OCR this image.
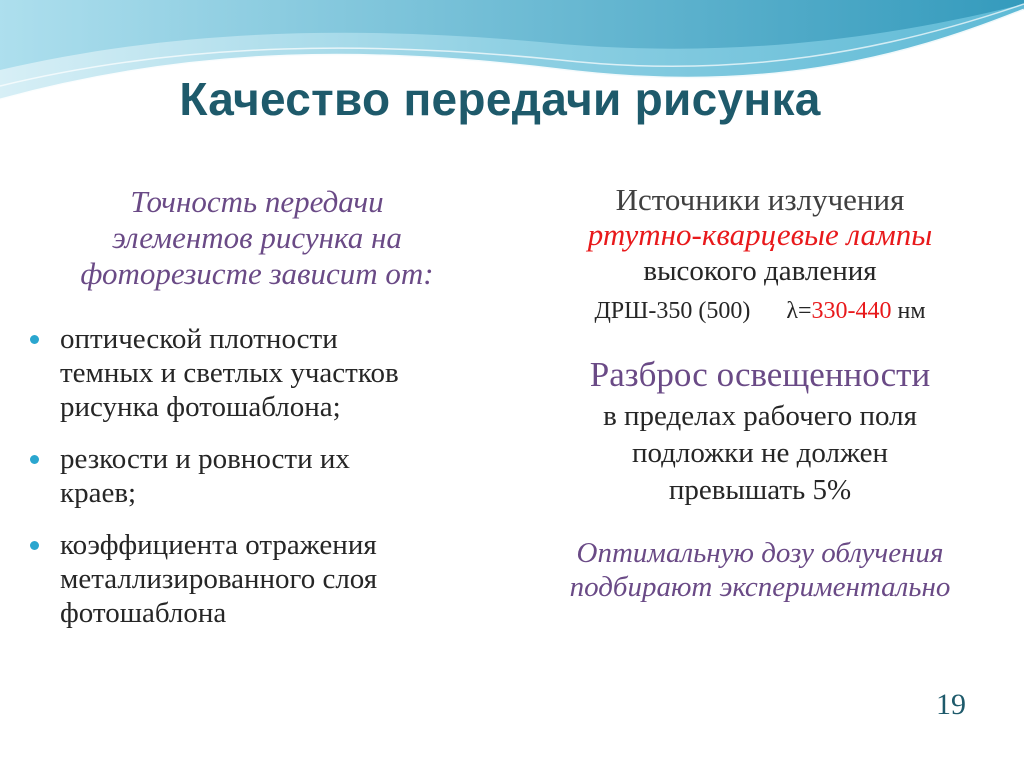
Качество передачи рисунка
Точность передачи
элементов рисунка на
фоторезисте зависит от:
оптической плотности
темных и светлых участков
рисунка фотошаблона;
резкости и ровности их
краев;
коэффициента отражения
металлизированного слоя
фотошаблона
Источники излучения
ртутно-кварцевые лампы
высокого давления
ДРШ-350 (500) λ=330-440 нм
Разброс освещенности
в пределах рабочего поля
подложки не должен
превышать 5%
Оптимальную дозу облучения
подбирают экспериментально
19
